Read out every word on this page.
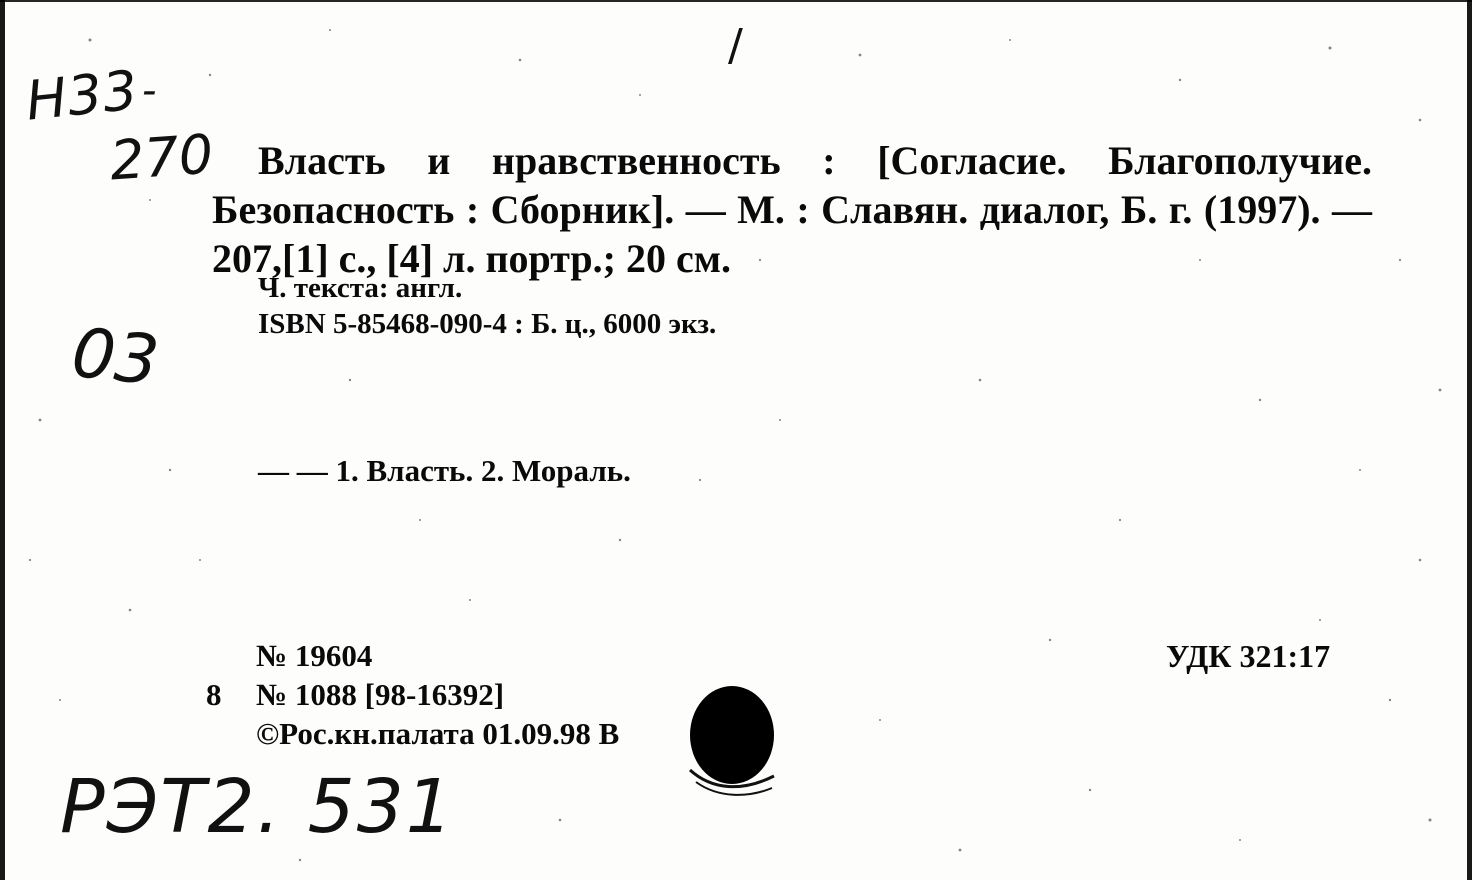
Н33 -
270
/
03
РЭТ2. 531

Власть и нравственность : [Согласие. Благополучие. Безопасность : Сборник]. — М. : Славян. диалог, Б. г. (1997). — 207,[1] с., [4] л. портр.; 20 см.

Ч. текста: англ.
ISBN 5-85468-090-4 : Б. ц., 6000 экз.
— — 1. Власть. 2. Мораль.
№ 19604
8 № 1088 [98-16392]
©Рос.кн.палата 01.09.98 В
УДК 321:17
